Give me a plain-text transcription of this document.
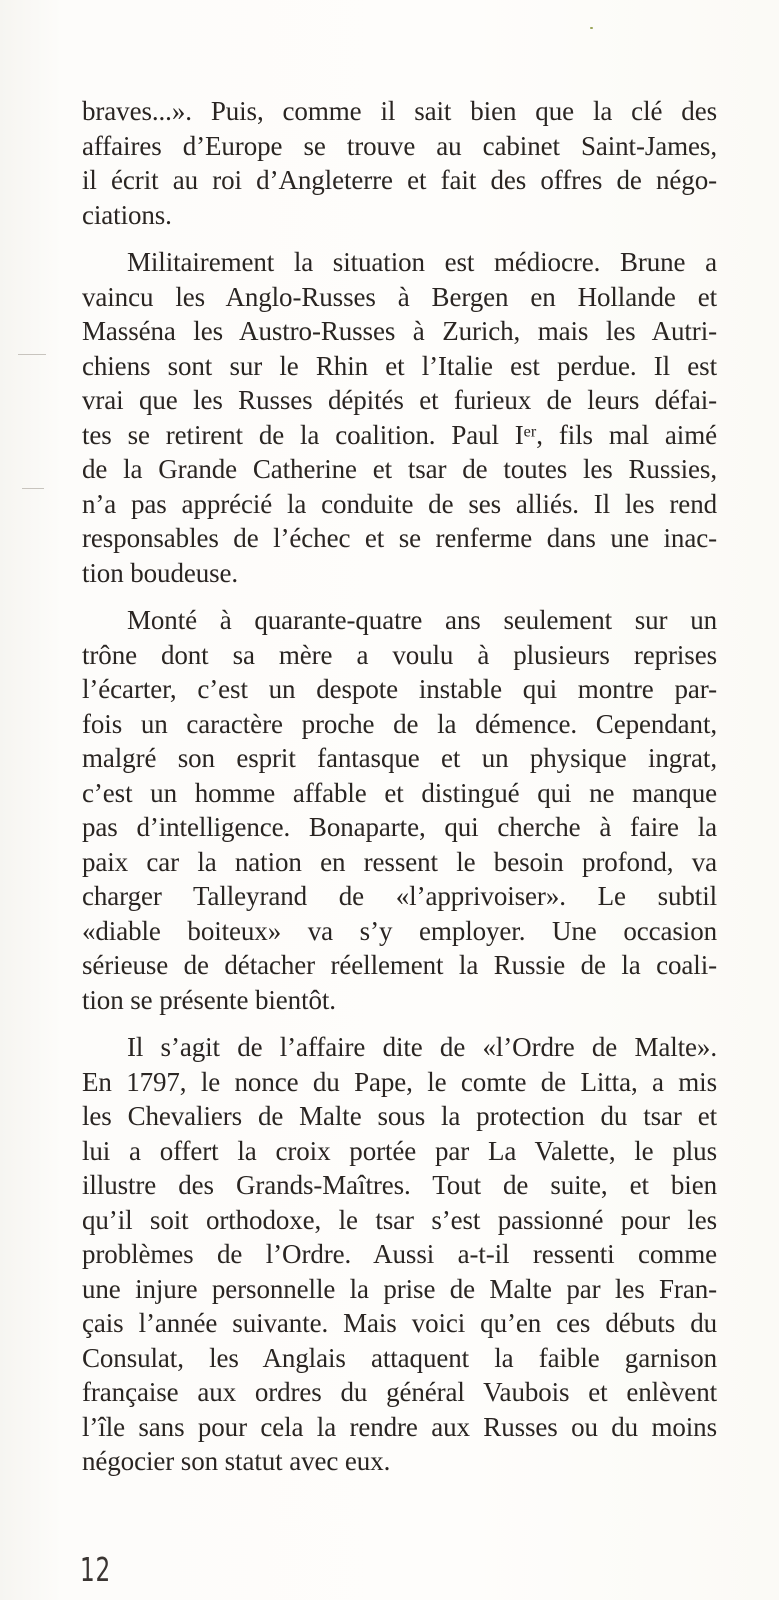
braves...». Puis, comme il sait bien que la clé des
affaires d’Europe se trouve au cabinet Saint-James,
il écrit au roi d’Angleterre et fait des offres de négo-
ciations.
Militairement la situation est médiocre. Brune a
vaincu les Anglo-Russes à Bergen en Hollande et
Masséna les Austro-Russes à Zurich, mais les Autri-
chiens sont sur le Rhin et l’Italie est perdue. Il est
vrai que les Russes dépités et furieux de leurs défai-
tes se retirent de la coalition. Paul Iᵉʳ, fils mal aimé
de la Grande Catherine et tsar de toutes les Russies,
n’a pas apprécié la conduite de ses alliés. Il les rend
responsables de l’échec et se renferme dans une inac-
tion boudeuse.
Monté à quarante-quatre ans seulement sur un
trône dont sa mère a voulu à plusieurs reprises
l’écarter, c’est un despote instable qui montre par-
fois un caractère proche de la démence. Cependant,
malgré son esprit fantasque et un physique ingrat,
c’est un homme affable et distingué qui ne manque
pas d’intelligence. Bonaparte, qui cherche à faire la
paix car la nation en ressent le besoin profond, va
charger Talleyrand de «l’apprivoiser». Le subtil
«diable boiteux» va s’y employer. Une occasion
sérieuse de détacher réellement la Russie de la coali-
tion se présente bientôt.
Il s’agit de l’affaire dite de «l’Ordre de Malte».
En 1797, le nonce du Pape, le comte de Litta, a mis
les Chevaliers de Malte sous la protection du tsar et
lui a offert la croix portée par La Valette, le plus
illustre des Grands-Maîtres. Tout de suite, et bien
qu’il soit orthodoxe, le tsar s’est passionné pour les
problèmes de l’Ordre. Aussi a-t-il ressenti comme
une injure personnelle la prise de Malte par les Fran-
çais l’année suivante. Mais voici qu’en ces débuts du
Consulat, les Anglais attaquent la faible garnison
française aux ordres du général Vaubois et enlèvent
l’île sans pour cela la rendre aux Russes ou du moins
négocier son statut avec eux.
12
